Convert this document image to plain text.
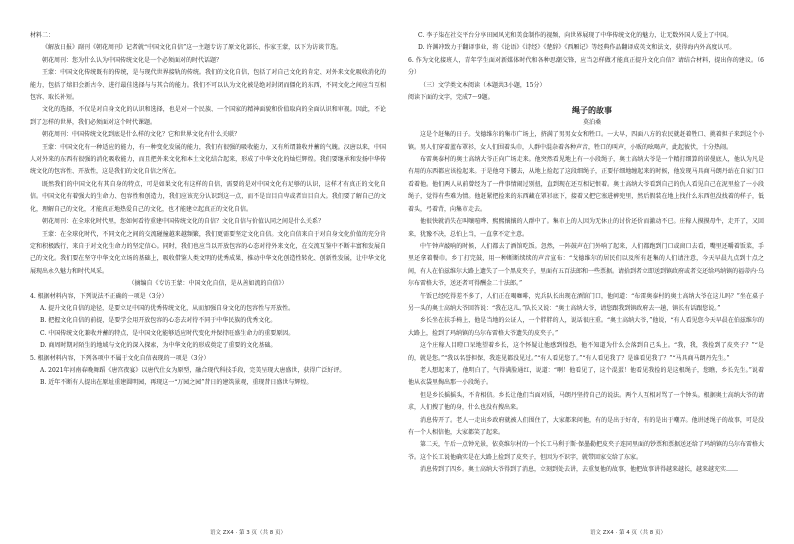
材料二：

《解放日报》副刊《朝花周刊》记者就“中国文化自信”这一主题专访了原文化部长、作家王蒙，以下为访谈节选。

朝花周刊：您为什么认为中国传统文化是一个必须面对的时代话题？

王蒙：中国文化传统既有的传统，是与现代世界接轨的传统。我们的文化自信，包括了对自己文化的肯定、对外来文化吸收消化的能力，包括了熔旧会新古今、进行最佳选择与与其合的能力。我们不可以认为文化被是绝对封闭而僵化的东西，不同文化之间应当互相包容、取长补短。

文化的选择，不仅是对自身文化的认识和选择，也是对一个民族、一个国家的精神面貌和价值取向的全面认识和审视。因此，不论到了怎样的世界，我们必须面对这个时代课题。

朝花周刊：中国传统文化到底是什么样的文化？它和世界文化有什么关联？

王蒙：中国文化有一种适应的能力，有一种变化发展的能力，我们有很强的吸收能力，又有所谓兼收并蓄的气魄。汉唐以来，中国人对外来的东西有很强的消化吸收能力，而且把外来文化和本土文化结合起来，形成了中华文化的灿烂辉煌。我们要继承和发扬中华传统文化的包容性、开放性，这是我们的文化自信之所在。

既然我们的中国文化有其自身的特点，可是如果文化有这样的自信，需要的是对中国文化有足够的认识，这样才有真正的文化自信。中国文化有着强大的生命力、包容性和创造力，我们应该充分认识到这一点，而不是盲目自卑或者盲目自大。我们要了解自己的文化，理解自己的文化，才能真正地热爱自己的文化，也才能建立起真正的文化自信。

朝花周刊：在全球化时代里，您如何看待重建中国传统文化的自信？文化自信与价值认同之间是什么关系？

王蒙：在全球化时代，不同文化之间的交流碰撞越来越频繁，我们更需要坚定文化自信。文化自信来自于对自身文化价值的充分肯定和积极践行，来自于对文化生命力的坚定信心。同时，我们也应当以开放包容的心态对待外来文化，在交流互鉴中不断丰富和发展自己的文化。我们要在坚守中华文化立场的基础上，吸收借鉴人类文明的优秀成果，推动中华文化创造性转化、创新性发展，让中华文化展现出永久魅力和时代风采。

（摘编自《专访王蒙：中国文化自信，是从善如流的自信》）

4. 根据材料内容，下列说法不正确的一项是（3分）

A. 提升文化自信的途径，是要立足中国的优秀传统文化，从而加强自身文化的包容性与开放性。

B. 把握文化自信的前提，是要学会用开放包容的心态去对待不同于中华民族的优秀文化。

C. 中国传统文化兼收并蓄的特点，是中国文化能够适应时代变化并保持旺盛生命力的重要原因。

D. 商周时期对陌生的地域与文化的深入探索，为中华文化的形成奠定了重要的文化基础。

5. 根据材料内容，下列各项中不属于文化自信表现的一项是（3分）

A. 2021年河南春晚舞蹈《唐宫夜宴》以唐代仕女为原型，融合现代科技手段，完美呈现大唐盛世，获得广泛好评。

B. 近年不断有人提出在原址重建圆明园，再现这一“万园之园”昔日的建筑景观，重现昔日盛世与辉煌。

C. 李子柒在社交平台分享田园风光和美食制作的视频，向世界展现了中华传统文化的魅力，让无数外国人爱上了中国。

D. 许渊冲致力于翻译事业，将《论语》《诗经》《楚辞》《西厢记》等经典作品翻译成英文和法文，获得海内外高度认可。

6. 作为文化接班人，青年学生面对新媒体时代和各种思潮交锋，应当怎样做才能真正提升文化自信？请结合材料，提出你的建议。（6分）

（三）文学类文本阅读（本题共3小题，15分）

阅读下面的文字，完成7～9题。

绳子的故事

莫泊桑

这是个赶集的日子。戈德维尔的集市广场上，挤满了男男女女和牲口。一大早，四面八方的农民就赶着牲口、挑着担子来到这个小镇。男人们穿着蓝布罩衫，女人们围着头巾，人群中混杂着各种声音，牲口的叫声，小贩的吆喝声，此起彼伏，十分热闹。

布雷奥泰村的奥士高纳大爷正向广场走来。他突然看见地上有一小段绳子，奥士高纳大爷是一个精打细算的诺曼底人，他认为凡是有用的东西都应该捡起来。于是他弯下腰去，从地上捡起了这段细绳子，正要仔细地缠起来的时候，他发现马具商马朗丹站在自家门口看着他。他们两人从前曾经为了一件事情闹过别扭，直到现在还互相记恨着。奥士高纳大爷看到自己的仇人看见自己在泥里捡了一小段绳子，觉得有些难为情。他赶紧把捡来的东西藏在罩衫底下，接着又把它塞进裤兜里，然后假装在地上找什么东西但没找着的样子，低着头，弓着背，向集市走去。

他很快就消失在叫嚷喧哗、熙熙攘攘的人群中了。集市上的人因为无休止的讨价还价而激动不已。庄稼人摸摸母牛，走开了，又回来，犹豫不决，总怕上当，一直拿不定主意。

中午钟声敲响的时候，人们都去了酒馆吃饭。忽然，一阵鼓声在门外响了起来，人们都跑到门口或窗口去看，嘴里还嚼着饭菜，手里还拿着餐巾。乡丁打完鼓，用一种断断续续的声音宣布：“戈德维尔的居民们以及所有赶集的人们请注意，今天早晨九点到十点之间，有人在伯兹维尔大路上遗失了一个黑皮夹子，里面有五百法郎和一些票据。请拾到者立即送到镇政府或者交还给玛纳镇的福蒂内·乌尔布雷格大爷，送还者可得酬金二十法郎。”

午饭已经吃得差不多了，人们正在喝咖啡，宪兵队长出现在酒馆门口，他问道：“布雷奥泰村的奥士高纳大爷在这儿吗？”坐在桌子另一头的奥士高纳大爷回答说：“我在这儿。”队长又说：“奥士高纳大爷，请您跟我到镇政府去一趟，镇长有话跟您说。”

乡长坐在扶手椅上，他是当地的公证人，一个胖胖的人，说话很庄重。“奥士高纳大爷，”他说，“有人看见您今天早晨在伯兹维尔的大路上，捡到了玛纳镇的乌尔布雷格大爷遗失的皮夹子。”

这个庄稼人目瞪口呆地望着乡长，这个怀疑让他感到惶恐，他不知道为什么会落到自己头上。“我，我，我捡到了皮夹子？”“是的，就是您。”“我以名誉担保，我连见都没见过。”“有人看见您了。”“有人看见我了？是谁看见我了？”“马具商马朗丹先生。”

老人想起来了，他明白了，气得满脸通红，说道：“啊！他看见了，这个混蛋！他看见我捡的是这根绳子，您瞧，乡长先生。”说着他从衣袋里掏出那一小段绳子。

但是乡长摇摇头，不肯相信。乡长让他们当面对质，马朗丹坚持自己的说法。两个人互相对骂了一个钟头。根据奥士高纳大爷的请求，人们搜了他的身，什么也没有搜出来。

消息传开了。老人一走出乡政府就被人们围住了，大家都来问他，有的是出于好奇，有的是出于嘲弄。他讲述绳子的故事，可是没有一个人相信他，大家都笑了起来。

第二天，午后一点钟光景，依莫维尔村的一个长工马利于斯·保墨勒把皮夹子连同里面的钞票和票据送还给了玛纳镇的乌尔布雷格大爷。这个长工说他确实是在大路上捡到了皮夹子，但因为不识字，就带回家交给了东家。

消息传到了四乡。奥士高纳大爷得到了消息，立刻到处去讲，去重复他的故事，他把故事讲得越来越长，越来越充实……

语文 ZX4 · 第 3 页（共 8 页）	语文 ZX4 · 第 4 页（共 8 页）
